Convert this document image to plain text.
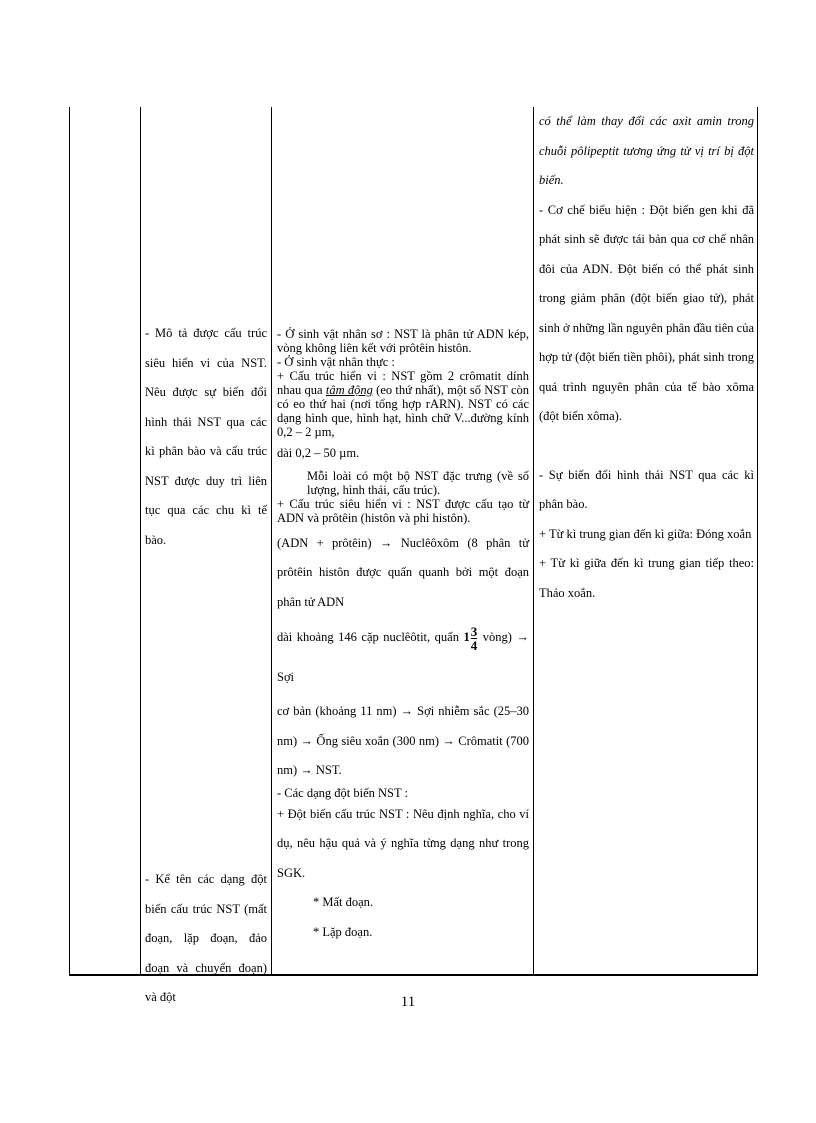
- Mô tả được cấu trúc siêu hiển vi của NST. Nêu được sự biến đổi hình thái NST qua các kì phân bào và cấu trúc NST được duy trì liên tục qua các chu kì tế bào.

- Kể tên các dạng đột biến cấu trúc NST (mất đoạn, lặp đoạn, đảo đoạn và chuyển đoạn) và đột

- Ở sinh vật nhân sơ : NST là phân tử ADN kép, vòng không liên kết với prôtêin histôn.

- Ở sinh vật nhân thực :

+ Cấu trúc hiển vi : NST gồm 2 crômatit dính nhau qua tâm động (eo thứ nhất), một số NST còn có eo thứ hai (nơi tổng hợp rARN). NST có các dạng hình que, hình hạt, hình chữ V...đường kính 0,2 – 2 µm,

dài 0,2 – 50 µm.

Mỗi loài có một bộ NST đặc trưng (về số lượng, hình thái, cấu trúc).

+ Cấu trúc siêu hiển vi : NST được cấu tạo từ ADN và prôtêin (histôn và phi histôn).

(ADN + prôtêin) → Nuclêôxôm (8 phân tử prôtêin histôn được quấn quanh bởi một đoạn phân tử ADN

dài khoảng 146 cặp nuclêôtit, quấn $1 \frac{3}{4}$ vòng) → Sợi

cơ bản (khoảng 11 nm) → Sợi nhiễm sắc (25–30 nm) → Ống siêu xoắn (300 nm) → Crômatit (700 nm) → NST.

- Các dạng đột biến NST :

+ Đột biến cấu trúc NST : Nêu định nghĩa, cho ví dụ, nêu hậu quả và ý nghĩa từng dạng như trong SGK.

* Mất đoạn.

* Lặp đoạn.

có thể làm thay đổi các axit amin trong chuỗi pôlipeptit tương ứng từ vị trí bị đột biến.

- Cơ chế biểu hiện : Đột biến gen khi đã phát sinh sẽ được tái bản qua cơ chế nhân đôi của ADN. Đột biến có thể phát sinh trong giảm phân (đột biến giao tử), phát sinh ở những lần nguyên phân đầu tiên của hợp tử (đột biến tiền phôi), phát sinh trong quá trình nguyên phân của tế bào xôma (đột biến xôma).

- Sự biến đổi hình thái NST qua các kì phân bào.

+ Từ kì trung gian đến kì giữa: Đóng xoắn

+ Từ kì giữa đến kì trung gian tiếp theo: Tháo xoắn.

11
